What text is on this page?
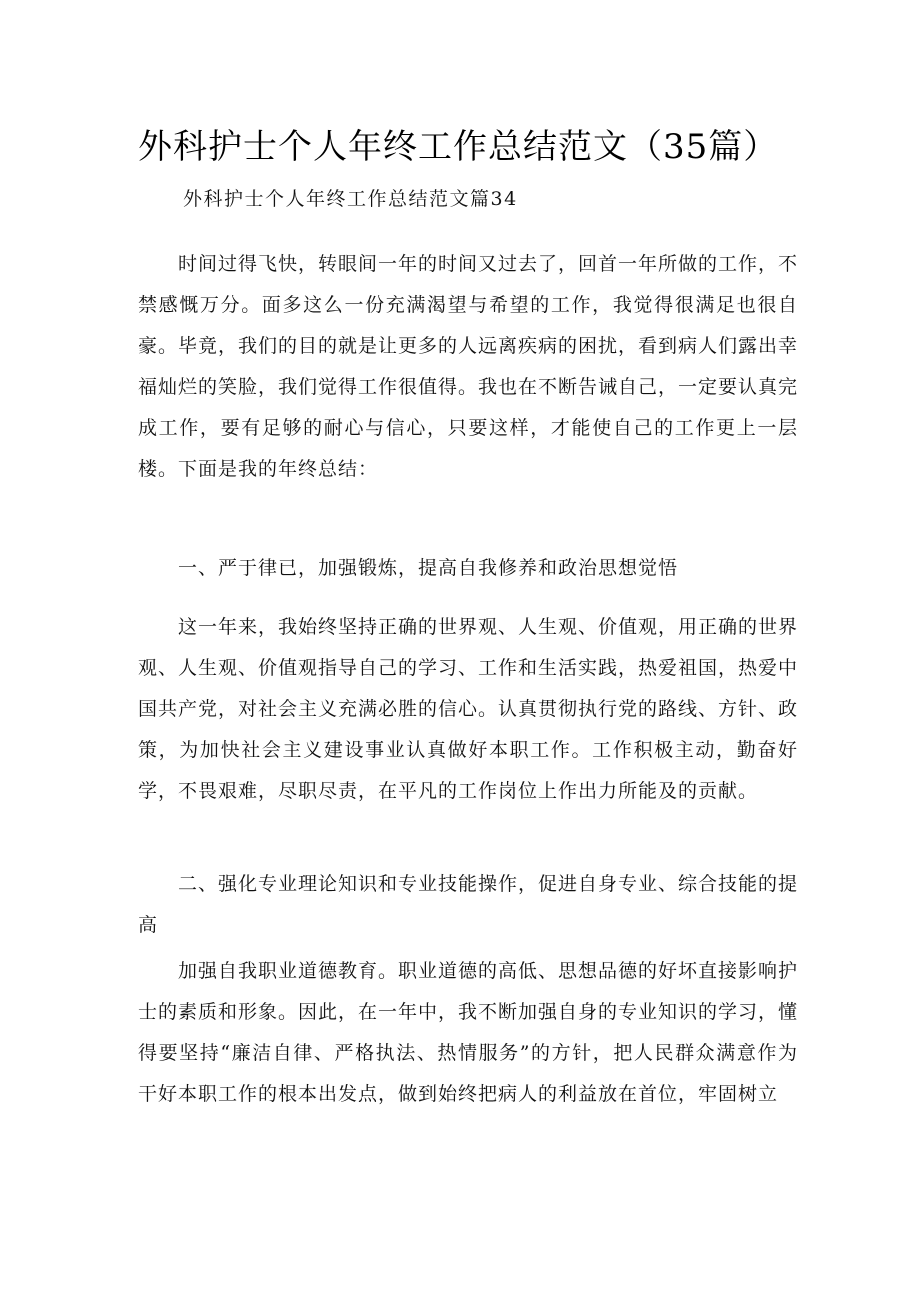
外科护士个人年终工作总结范文（35篇）
外科护士个人年终工作总结范文篇34
时间过得飞快，转眼间一年的时间又过去了，回首一年所做的工作，不禁感慨万分。面多这么一份充满渴望与希望的工作，我觉得很满足也很自豪。毕竟，我们的目的就是让更多的人远离疾病的困扰，看到病人们露出幸福灿烂的笑脸，我们觉得工作很值得。我也在不断告诫自己，一定要认真完成工作，要有足够的耐心与信心，只要这样，才能使自己的工作更上一层楼。下面是我的年终总结：
一、严于律已，加强锻炼，提高自我修养和政治思想觉悟
这一年来，我始终坚持正确的世界观、人生观、价值观，用正确的世界观、人生观、价值观指导自己的学习、工作和生活实践，热爱祖国，热爱中国共产党，对社会主义充满必胜的信心。认真贯彻执行党的路线、方针、政策，为加快社会主义建设事业认真做好本职工作。工作积极主动，勤奋好学，不畏艰难，尽职尽责，在平凡的工作岗位上作出力所能及的贡献。
二、强化专业理论知识和专业技能操作，促进自身专业、综合技能的提高
加强自我职业道德教育。职业道德的高低、思想品德的好坏直接影响护士的素质和形象。因此，在一年中，我不断加强自身的专业知识的学习，懂得要坚持“廉洁自律、严格执法、热情服务”的方针，把人民群众满意作为干好本职工作的根本出发点，做到始终把病人的利益放在首位，牢固树立
